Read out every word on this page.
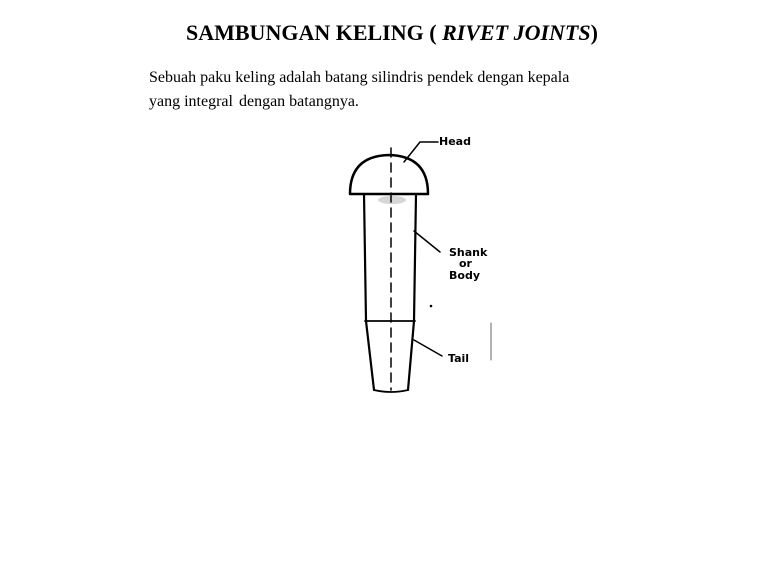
SAMBUNGAN KELING ( RIVET JOINTS)
Sebuah paku keling adalah batang silindris pendek dengan kepala
yang integral dengan batangnya.
Head
Shank
or
Body
Tail
